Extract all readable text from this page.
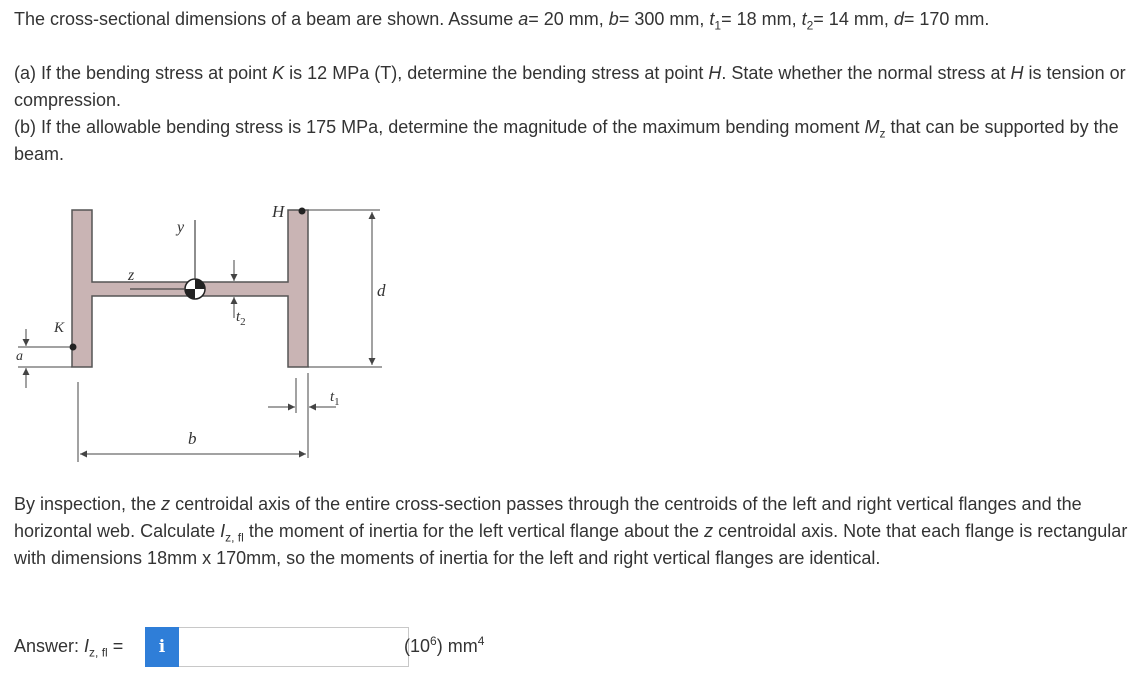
The cross-sectional dimensions of a beam are shown. Assume a= 20 mm, b= 300 mm, $t_1= 18$ mm, $t_2= 14$ mm, d= 170 mm.

(a) If the bending stress at point K is 12 MPa (T), determine the bending stress at point H. State whether the normal stress at H is tension or compression.

(b) If the allowable bending stress is 175 MPa, determine the magnitude of the maximum bending moment $M_z$ that can be supported by the beam.

H
y
z
d
$t_2$
K
a
$t_1$
b

By inspection, the z centroidal axis of the entire cross-section passes through the centroids of the left and right vertical flanges and the horizontal web. Calculate $I_{z, fl}$ the moment of inertia for the left vertical flange about the z centroidal axis. Note that each flange is rectangular with dimensions 18mm x 170mm, so the moments of inertia for the left and right vertical flanges are identical.

Answer: $I_{z, fl}$ =	i	$(10^6)$ $mm^4$
